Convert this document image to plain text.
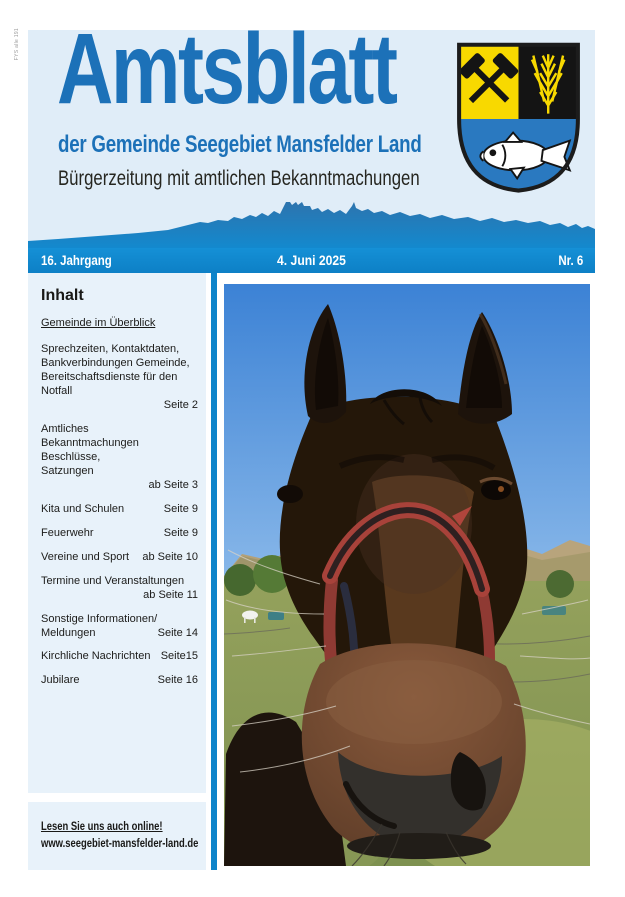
FYS alle 191 Amtsblatt
der Gemeinde Seegebiet Mansfelder Land
Bürgerzeitung mit amtlichen Bekanntmachungen
16. Jahrgang	4. Juni 2025	Nr. 6
Inhalt
Gemeinde im Überblick
Sprechzeiten, Kontaktdaten,
Bankverbindungen Gemeinde,
Bereitschaftsdienste für den Notfall
Seite 2
Amtliches
Bekanntmachungen Beschlüsse,
Satzungen
ab Seite 3
Kita und Schulen	Seite 9
Feuerwehr	Seite 9
Vereine und Sport ab Seite 10
Termine und Veranstaltungen
ab Seite 11
Sonstige Informationen/
Meldungen	Seite 14
Kirchliche Nachrichten Seite15
Jubilare	Seite 16
Lesen Sie uns auch online!
www.seegebiet-mansfelder-land.de
